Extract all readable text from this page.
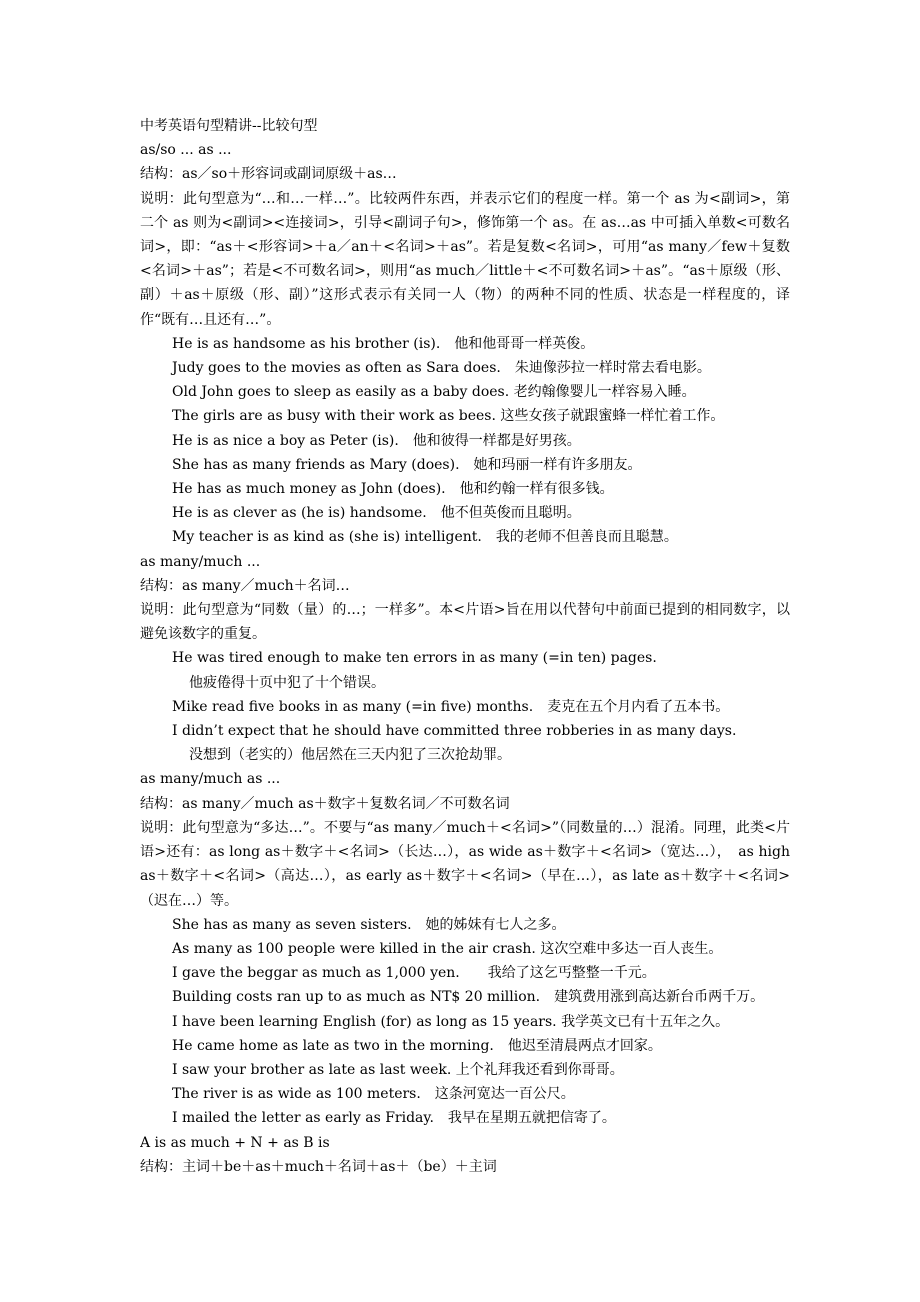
中考英语句型精讲--比较句型
as/so ... as ...
结构：as／so＋形容词或副词原级＋as…
说明：此句型意为“…和…一样…”。比较两件东西，并表示它们的程度一样。第一个 as 为<副词>，第二个 as 则为<副词><连接词>，引导<副词子句>，修饰第一个 as。在 as…as 中可插入单数<可数名词>，即：“as＋<形容词>＋a／an＋<名词>＋as”。若是复数<名词>，可用“as many／few＋复数 <名词>＋as”；若是<不可数名词>，则用“as much／little＋<不可数名词>＋as”。“as＋原级（形、副）＋as＋原级（形、副）”这形式表示有关同一人（物）的两种不同的性质、状态是一样程度的，译作“既有…且还有…”。
He is as handsome as his brother (is).　他和他哥哥一样英俊。
Judy goes to the movies as often as Sara does.　朱迪像莎拉一样时常去看电影。
Old John goes to sleep as easily as a baby does. 老约翰像婴儿一样容易入睡。
The girls are as busy with their work as bees. 这些女孩子就跟蜜蜂一样忙着工作。
He is as nice a boy as Peter (is).　他和彼得一样都是好男孩。
She has as many friends as Mary (does).　她和玛丽一样有许多朋友。
He has as much money as John (does).　他和约翰一样有很多钱。
He is as clever as (he is) handsome.　他不但英俊而且聪明。
My teacher is as kind as (she is) intelligent.　我的老师不但善良而且聪慧。
as many/much ...
结构：as many／much＋名词…
说明：此句型意为“同数（量）的…；一样多”。本<片语>旨在用以代替句中前面已提到的相同数字，以避免该数字的重复。
He was tired enough to make ten errors in as many (=in ten) pages.
他疲倦得十页中犯了十个错误。
Mike read five books in as many (=in five) months.　麦克在五个月内看了五本书。
I didn’t expect that he should have committed three robberies in as many days.
没想到（老实的）他居然在三天内犯了三次抢劫罪。
as many/much as ...
结构：as many／much as＋数字＋复数名词／不可数名词
说明：此句型意为“多达…”。不要与“as many／much＋<名词>”（同数量的…）混淆。同理，此类<片语>还有：as long as＋数字＋<名词>（长达…），as wide as＋数字＋<名词>（宽达…），　as high as＋数字＋<名词>（高达…），as early as＋数字＋<名词>（早在…），as late as＋数字＋<名词>（迟在…）等。
She has as many as seven sisters.　她的姊妹有七人之多。
As many as 100 people were killed in the air crash. 这次空难中多达一百人丧生。
I gave the beggar as much as 1,000 yen.　　我给了这乞丐整整一千元。
Building costs ran up to as much as NT$ 20 million.　建筑费用涨到高达新台币两千万。
I have been learning English (for) as long as 15 years. 我学英文已有十五年之久。
He came home as late as two in the morning.　他迟至清晨两点才回家。
I saw your brother as late as last week. 上个礼拜我还看到你哥哥。
The river is as wide as 100 meters.　这条河宽达一百公尺。
I mailed the letter as early as Friday.　我早在星期五就把信寄了。
A is as much + N + as B is
结构：主词＋be＋as＋much＋名词＋as＋（be）＋主词
